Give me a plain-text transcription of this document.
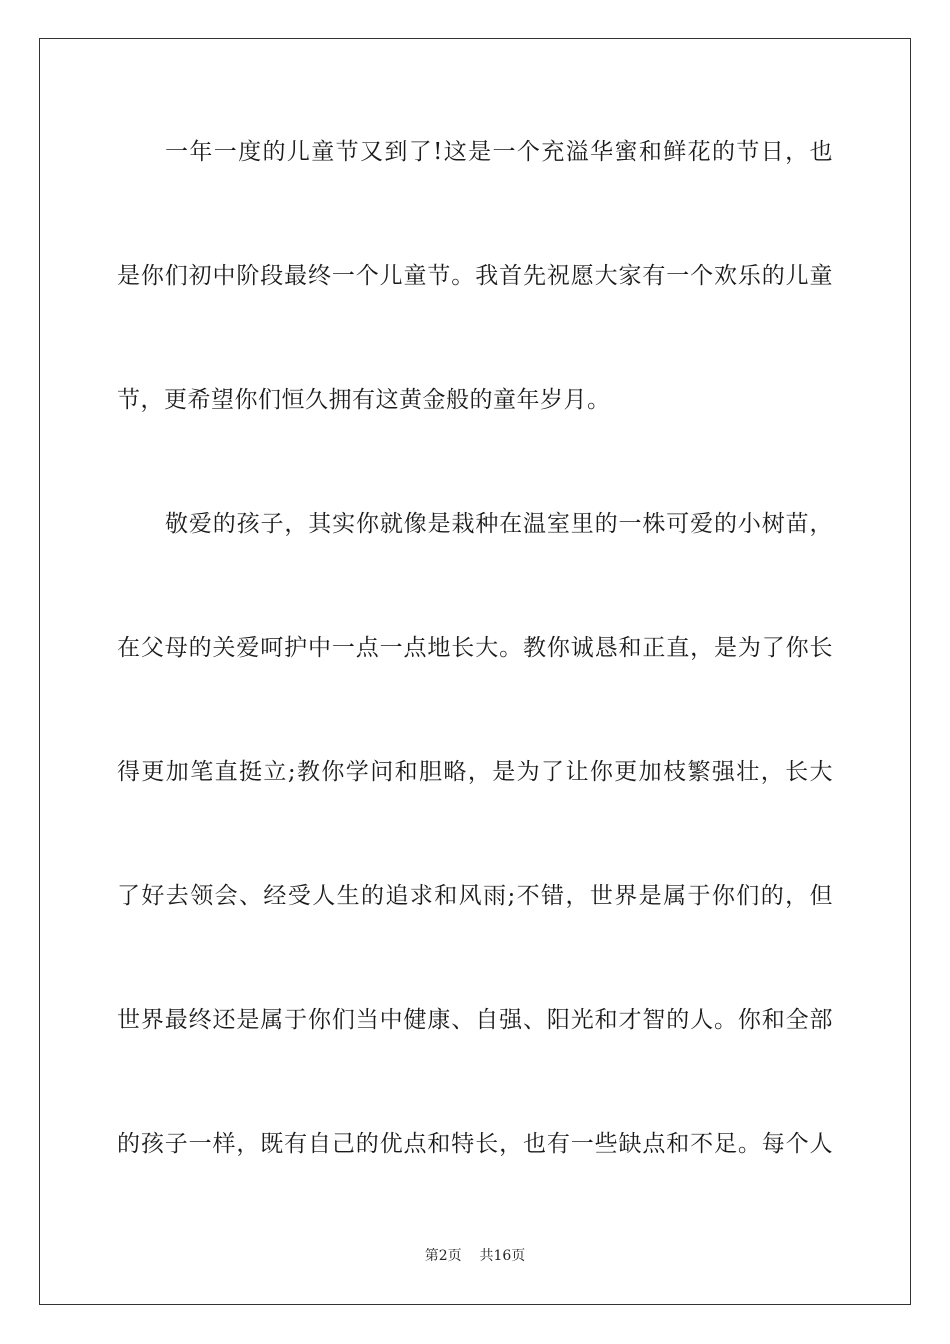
一年一度的儿童节又到了!这是一个充溢华蜜和鲜花的节日，也
是你们初中阶段最终一个儿童节。我首先祝愿大家有一个欢乐的儿童
节，更希望你们恒久拥有这黄金般的童年岁月。
敬爱的孩子，其实你就像是栽种在温室里的一株可爱的小树苗，
在父母的关爱呵护中一点一点地长大。教你诚恳和正直，是为了你长
得更加笔直挺立;教你学问和胆略，是为了让你更加枝繁强壮，长大
了好去领会、经受人生的追求和风雨;不错，世界是属于你们的，但
世界最终还是属于你们当中健康、自强、阳光和才智的人。你和全部
的孩子一样，既有自己的优点和特长，也有一些缺点和不足。每个人
第2页 共16页
